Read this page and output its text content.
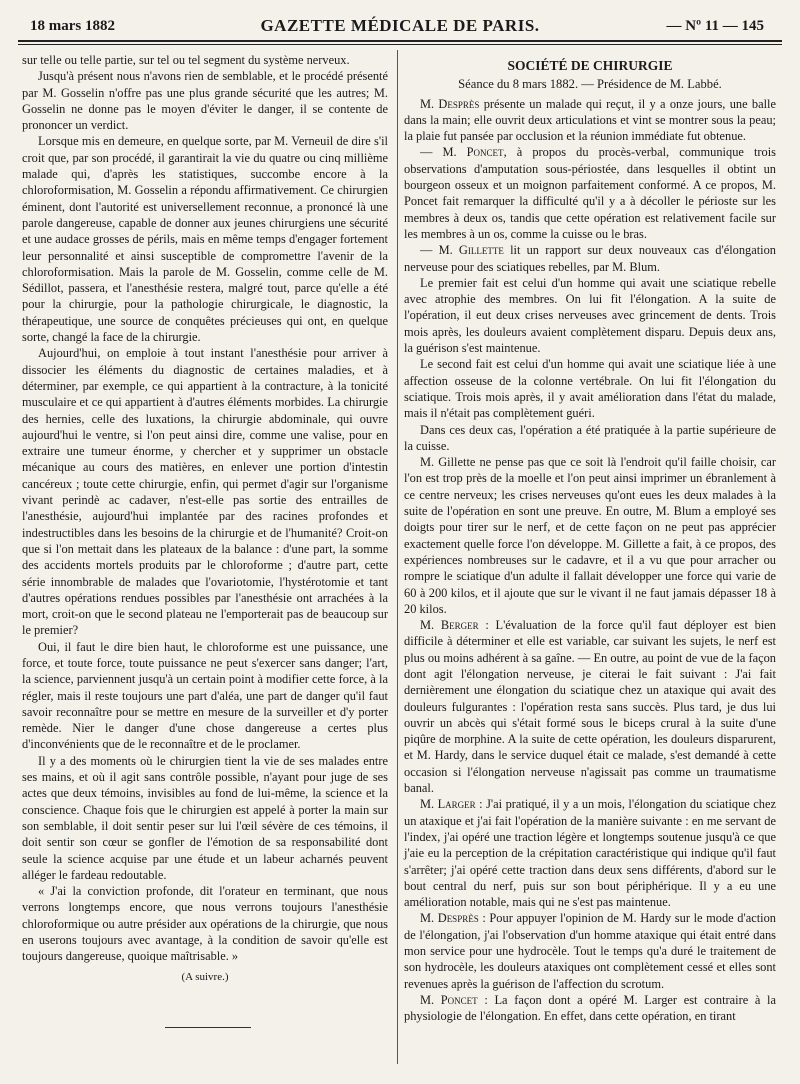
18 mars 1882	GAZETTE MÉDICALE DE PARIS.	— Nº 11 — 145

sur telle ou telle partie, sur tel ou tel segment du système nerveux.

Jusqu'à présent nous n'avons rien de semblable, et le procédé présenté par M. Gosselin n'offre pas une plus grande sécurité que les autres; M. Gosselin ne donne pas le moyen d'éviter le danger, il se contente de prononcer un verdict.

Lorsque mis en demeure, en quelque sorte, par M. Verneuil de dire s'il croit que, par son procédé, il garantirait la vie du quatre ou cinq millième malade qui, d'après les statistiques, succombe encore à la chloroformisation, M. Gosselin a répondu affirmativement. Ce chirurgien éminent, dont l'autorité est universellement reconnue, a prononcé là une parole dangereuse, capable de donner aux jeunes chirurgiens une sécurité et une audace grosses de périls, mais en même temps d'engager fortement leur personnalité et ainsi susceptible de compromettre l'avenir de la chloroformisation. Mais la parole de M. Gosselin, comme celle de M. Sédillot, passera, et l'anesthésie restera, malgré tout, parce qu'elle a été pour la chirurgie, pour la pathologie chirurgicale, le diagnostic, la thérapeutique, une source de conquêtes précieuses qui ont, en quelque sorte, changé la face de la chirurgie.

Aujourd'hui, on emploie à tout instant l'anesthésie pour arriver à dissocier les éléments du diagnostic de certaines maladies, et à déterminer, par exemple, ce qui appartient à la contracture, à la tonicité musculaire et ce qui appartient à d'autres éléments morbides. La chirurgie des hernies, celle des luxations, la chirurgie abdominale, qui ouvre aujourd'hui le ventre, si l'on peut ainsi dire, comme une valise, pour en extraire une tumeur énorme, y chercher et y supprimer un obstacle mécanique au cours des matières, en enlever une portion d'intestin cancéreux ; toute cette chirurgie, enfin, qui permet d'agir sur l'organisme vivant perindè ac cadaver, n'est-elle pas sortie des entrailles de l'anesthésie, aujourd'hui implantée par des racines profondes et indestructibles dans les besoins de la chirurgie et de l'humanité? Croit-on que si l'on mettait dans les plateaux de la balance : d'une part, la somme des accidents mortels produits par le chloroforme ; d'autre part, cette série innombrable de malades que l'ovariotomie, l'hystérotomie et tant d'autres opérations rendues possibles par l'anesthésie ont arrachées à la mort, croit-on que le second plateau ne l'emporterait pas de beaucoup sur le premier?

Oui, il faut le dire bien haut, le chloroforme est une puissance, une force, et toute force, toute puissance ne peut s'exercer sans danger; l'art, la science, parviennent jusqu'à un certain point à modifier cette force, à la régler, mais il reste toujours une part d'aléa, une part de danger qu'il faut savoir reconnaître pour se mettre en mesure de la surveiller et d'y porter remède. Nier le danger d'une chose dangereuse a certes plus d'inconvénients que de le reconnaître et de le proclamer.

Il y a des moments où le chirurgien tient la vie de ses malades entre ses mains, et où il agit sans contrôle possible, n'ayant pour juge de ses actes que deux témoins, invisibles au fond de lui-même, la science et la conscience. Chaque fois que le chirurgien est appelé à porter la main sur son semblable, il doit sentir peser sur lui l'œil sévère de ces témoins, il doit sentir son cœur se gonfler de l'émotion de sa responsabilité dont seule la science acquise par une étude et un labeur acharnés peuvent alléger le fardeau redoutable.

« J'ai la conviction profonde, dit l'orateur en terminant, que nous verrons longtemps encore, que nous verrons toujours l'anesthésie chloroformique ou autre présider aux opérations de la chirurgie, que nous en userons toujours avec avantage, à la condition de savoir qu'elle est toujours dangereuse, quoique maîtrisable. »

(A suivre.)

SOCIÉTÉ DE CHIRURGIE

Séance du 8 mars 1882. — Présidence de M. Labbé.

M. Desprès présente un malade qui reçut, il y a onze jours, une balle dans la main; elle ouvrit deux articulations et vint se montrer sous la peau; la plaie fut pansée par occlusion et la réunion immédiate fut obtenue.

— M. Poncet, à propos du procès-verbal, communique trois observations d'amputation sous-périostée, dans lesquelles il obtint un bourgeon osseux et un moignon parfaitement conformé. A ce propos, M. Poncet fait remarquer la difficulté qu'il y a à décoller le périoste sur les membres à deux os, tandis que cette opération est relativement facile sur les membres à un os, comme la cuisse ou le bras.

— M. Gillette lit un rapport sur deux nouveaux cas d'élongation nerveuse pour des sciatiques rebelles, par M. Blum.

Le premier fait est celui d'un homme qui avait une sciatique rebelle avec atrophie des membres. On lui fit l'élongation. A la suite de l'opération, il eut deux crises nerveuses avec grincement de dents. Trois mois après, les douleurs avaient complètement disparu. Depuis deux ans, la guérison s'est maintenue.

Le second fait est celui d'un homme qui avait une sciatique liée à une affection osseuse de la colonne vertébrale. On lui fit l'élongation du sciatique. Trois mois après, il y avait amélioration dans l'état du malade, mais il n'était pas complètement guéri.

Dans ces deux cas, l'opération a été pratiquée à la partie supérieure de la cuisse.

M. Gillette ne pense pas que ce soit là l'endroit qu'il faille choisir, car l'on est trop près de la moelle et l'on peut ainsi imprimer un ébranlement à ce centre nerveux; les crises nerveuses qu'ont eues les deux malades à la suite de l'opération en sont une preuve. En outre, M. Blum a employé ses doigts pour tirer sur le nerf, et de cette façon on ne peut pas apprécier exactement quelle force l'on développe. M. Gillette a fait, à ce propos, des expériences nombreuses sur le cadavre, et il a vu que pour arracher ou rompre le sciatique d'un adulte il fallait développer une force qui varie de 60 à 200 kilos, et il ajoute que sur le vivant il ne faut jamais dépasser 18 à 20 kilos.

M. Berger : L'évaluation de la force qu'il faut déployer est bien difficile à déterminer et elle est variable, car suivant les sujets, le nerf est plus ou moins adhérent à sa gaîne. — En outre, au point de vue de la façon dont agit l'élongation nerveuse, je citerai le fait suivant : J'ai fait dernièrement une élongation du sciatique chez un ataxique qui avait des douleurs fulgurantes : l'opération resta sans succès. Plus tard, je dus lui ouvrir un abcès qui s'était formé sous le biceps crural à la suite d'une piqûre de morphine. A la suite de cette opération, les douleurs disparurent, et M. Hardy, dans le service duquel était ce malade, s'est demandé à cette occasion si l'élongation nerveuse n'agissait pas comme un traumatisme banal.

M. Larger : J'ai pratiqué, il y a un mois, l'élongation du sciatique chez un ataxique et j'ai fait l'opération de la manière suivante : en me servant de l'index, j'ai opéré une traction légère et longtemps soutenue jusqu'à ce que j'aie eu la perception de la crépitation caractéristique qui indique qu'il faut s'arrêter; j'ai opéré cette traction dans deux sens différents, d'abord sur le bout central du nerf, puis sur son bout périphérique. Il y a eu une amélioration notable, mais qui ne s'est pas maintenue.

M. Desprès : Pour appuyer l'opinion de M. Hardy sur le mode d'action de l'élongation, j'ai l'observation d'un homme ataxique qui était entré dans mon service pour une hydrocèle. Tout le temps qu'a duré le traitement de son hydrocèle, les douleurs ataxiques ont complètement cessé et elles sont revenues après la guérison de l'affection du scrotum.

M. Poncet : La façon dont a opéré M. Larger est contraire à la physiologie de l'élongation. En effet, dans cette opération, en tirant
